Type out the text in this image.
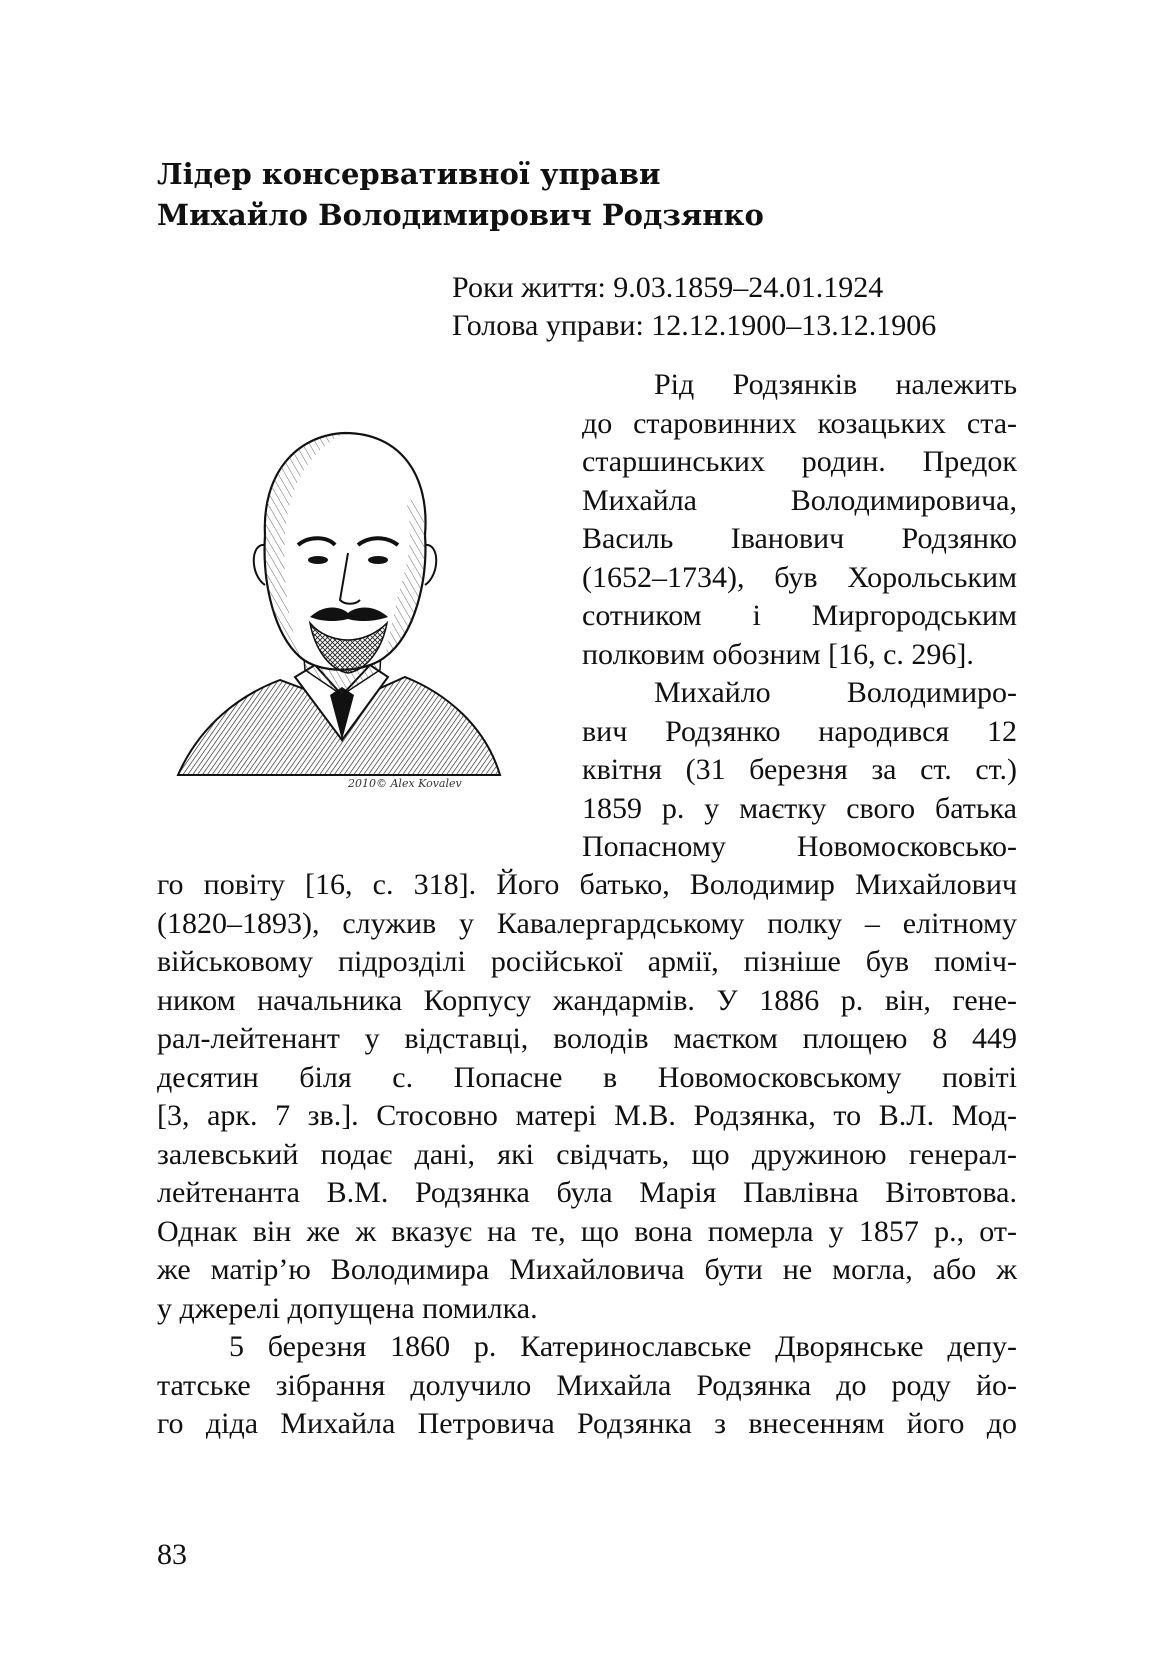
Лідер консервативної управи
Михайло Володимирович Родзянко
Роки життя: 9.03.1859–24.01.1924
Голова управи: 12.12.1900–13.12.1906
2010© Alex Kovalev
Рід Родзянків належить
до старовинних козацьких ста-
старшинських родин. Предок
Михайла Володимировича,
Василь Іванович Родзянко
(1652–1734), був Хорольським
сотником і Миргородським
полковим обозним [16, с. 296].
Михайло Володимиро-
вич Родзянко народився 12
квітня (31 березня за ст. ст.)
1859 р. у маєтку свого батька
Попасному Новомосковсько-
го повіту [16, с. 318]. Його батько, Володимир Михайлович
(1820–1893), служив у Кавалергардському полку – елітному
військовому підрозділі російської армії, пізніше був поміч-
ником начальника Корпусу жандармів. У 1886 р. він, гене-
рал-лейтенант у відставці, володів маєтком площею 8 449
десятин біля с. Попасне в Новомосковському повіті
[3, арк. 7 зв.]. Стосовно матері М.В. Родзянка, то В.Л. Мод-
залевський подає дані, які свідчать, що дружиною генерал-
лейтенанта В.М. Родзянка була Марія Павлівна Вітовтова.
Однак він же ж вказує на те, що вона померла у 1857 р., от-
же матір’ю Володимира Михайловича бути не могла, або ж
у джерелі допущена помилка.
5 березня 1860 р. Катеринославське Дворянське депу-
татське зібрання долучило Михайла Родзянка до роду йо-
го діда Михайла Петровича Родзянка з внесенням його до
83
